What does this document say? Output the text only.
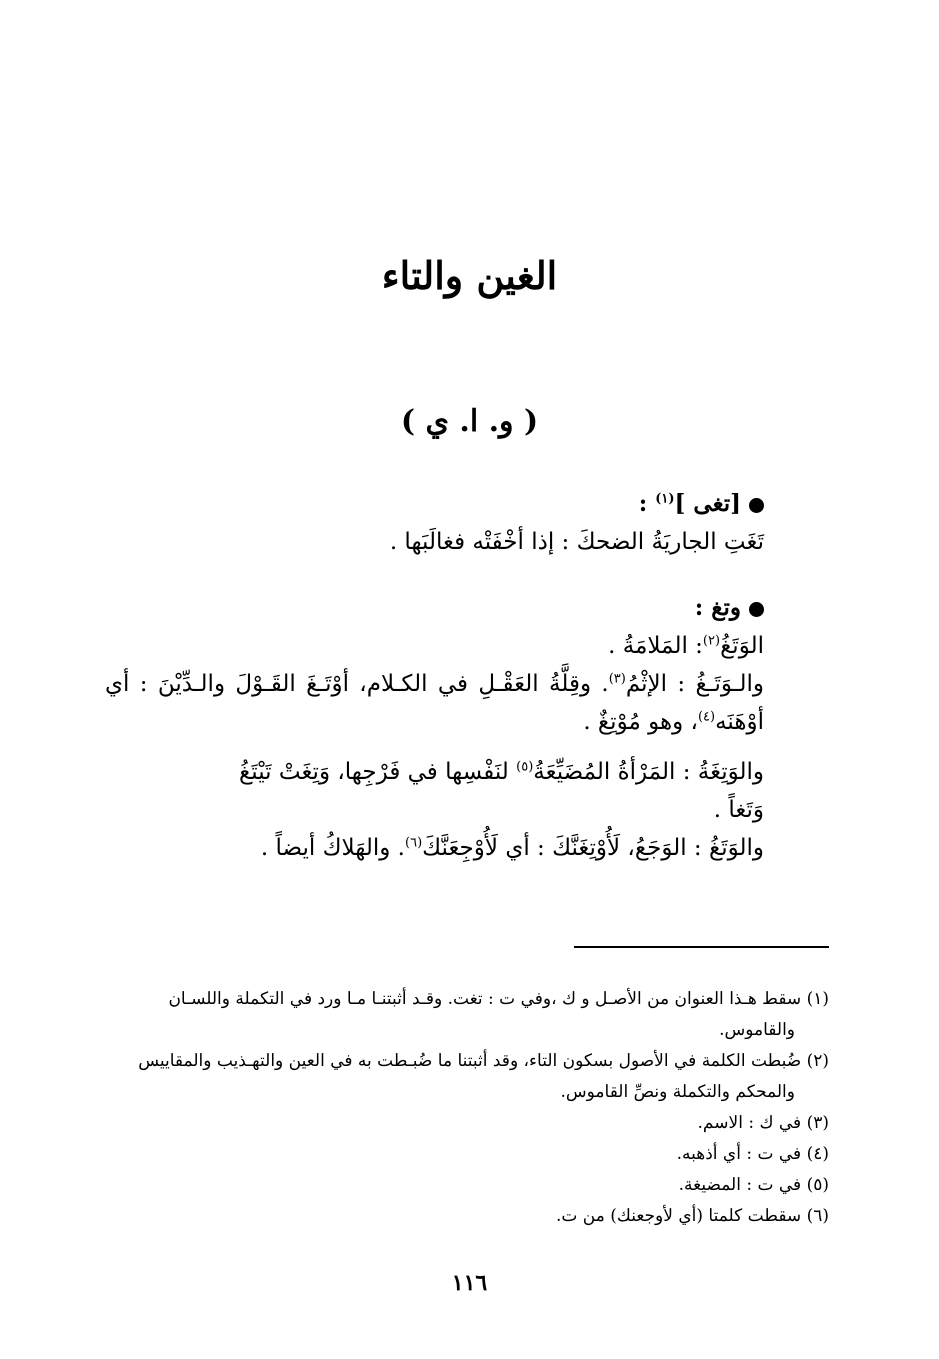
الغين والتاء
( و. ا. ي )

[تغى ]$^{(١)}$ :

تَغَتِ الجاريَةُ الضحكَ : إذا أخْفَتْه فغالَبَها .

وتغ :

الوَتَغُ$^{(٢)}$: المَلامَةُ .

والـوَتَـغُ : الإثْمُ$^{(٣)}$. وقِلَّةُ العَقْـلِ في الكـلام، أوْتَـغَ القَـوْلَ والـدِّيْنَ : أي أوْهَنَه$^{(٤)}$، وهو مُوْتِغٌ .

والوَتِغَةُ : المَرْأةُ المُضَيِّعَةُ$^{(٥)}$ لنَفْسِها في فَرْجِها، وَتِغَتْ تَيْتَغُ وَتَغاً .

والوَتَغُ : الوَجَعُ، لَأُوْتِغَنَّكَ : أي لَأُوْجِعَنَّكَ$^{(٦)}$. والهَلاكُ أيضاً .

(١) سقط هـذا العنوان من الأصـل و ك ،وفي ت : تغت. وقـد أثبتنـا مـا ورد في التكملة واللسـان

والقاموس.

(٢) ضُبطت الكلمة في الأصول بسكون التاء، وقد أثبتنا ما ضُبـطت به في العين والتهـذيب والمقاييس

والمحكم والتكملة ونصِّ القاموس.

(٣) في ك : الاسم.

(٤) في ت : أي أذهبه.

(٥) في ت : المضيغة.

(٦) سقطت كلمتا (أي لأوجعنك) من ت.

١١٦
